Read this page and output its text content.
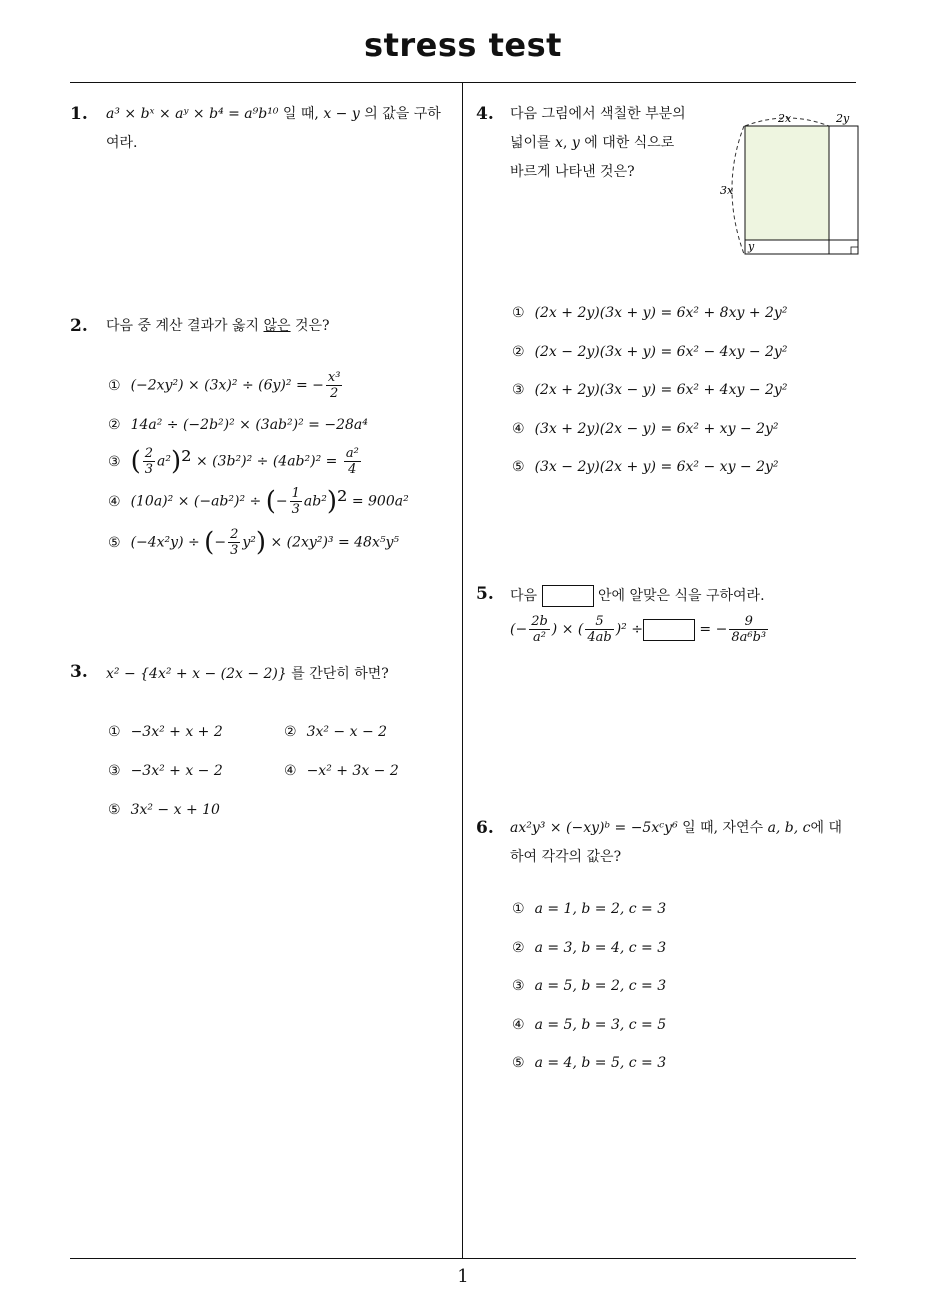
stress test
1
1. a³ × bˣ × aʸ × b⁴ = a⁹b¹⁰ 일 때, x − y 의 값을 구하
여라.
2. 다음 중 계산 결과가 옳지 않은 것은?
① (−2xy²) × (3x)² ÷ (6y)² = − $\frac{\text{x³}}{2}$
② 14a² ÷ (−2b²)² × (3ab²)² = −28a⁴
③ ( $\frac{2}{3} a^2)^2 \times (3b^2)^2 \div (4ab^2)^2 = \frac{\text{a²}}{4}$
④ (10a)² × (−ab²)² ÷ (− $\frac{1}{3} ab^2)^2 = 900a^2$
⑤ (−4x²y) ÷ (− $\frac{2}{3} y^2) \times (2xy^2)^3 = 48x^5y^5$
3. x² − {4x² + x − (2x − 2)} 를 간단히 하면?
① −3x² + x + 2	② 3x² − x − 2
③ −3x² + x − 2	④ −x² + 3x − 2
⑤ 3x² − x + 10
4. 다음 그림에서 색칠한 부분의
넓이를 x, y 에 대한 식으로
바르게 나타낸 것은?
2x	2y
3x
y
① (2x + 2y)(3x + y) = 6x² + 8xy + 2y²
② (2x − 2y)(3x + y) = 6x² − 4xy − 2y²
③ (2x + 2y)(3x − y) = 6x² + 4xy − 2y²
④ (3x + 2y)(2x − y) = 6x² + xy − 2y²
⑤ (3x − 2y)(2x + y) = 6x² − xy − 2y²
5. 다음	안에 알맞은 식을 구하여라.
(− $\frac{2b}{\text{a²}}$ ) × ( $\frac{5}{4ab} )^2$ ÷	= − $\frac{9}{\text{8a⁶b³}}$
6. ax²y³ × (−xy)ᵇ = −5xᶜy⁶ 일 때, 자연수 a, b, c에 대
하여 각각의 값은?
① a = 1, b = 2, c = 3
② a = 3, b = 4, c = 3
③ a = 5, b = 2, c = 3
④ a = 5, b = 3, c = 5
⑤ a = 4, b = 5, c = 3
